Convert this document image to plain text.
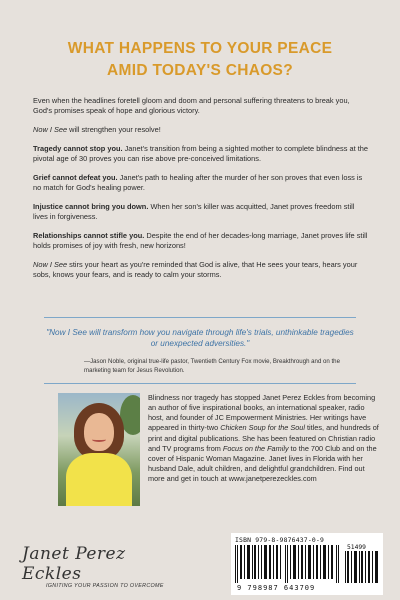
WHAT HAPPENS TO YOUR PEACE
AMID TODAY'S CHAOS?

Even when the headlines foretell gloom and doom and personal suffering threatens to break you, God's promises speak of hope and glorious victory.

Now I See will strengthen your resolve!

Tragedy cannot stop you. Janet's transition from being a sighted mother to complete blindness at the pivotal age of 30 proves you can rise above pre-conceived limitations.

Grief cannot defeat you. Janet's path to healing after the murder of her son proves that even loss is no match for God's healing power.

Injustice cannot bring you down. When her son's killer was acquitted, Janet proves freedom still lives in forgiveness.

Relationships cannot stifle you. Despite the end of her decades-long marriage, Janet proves life still holds promises of joy with fresh, new horizons!

Now I See stirs your heart as you're reminded that God is alive, that He sees your tears, hears your sobs, knows your fears, and is ready to calm your storms.

"Now I See will transform how you navigate through life's trials, unthinkable tragedies or unexpected adversities."
—Jason Noble, original true-life pastor, Twentieth Century Fox movie, Breakthrough and on the marketing team for Jesus Revolution.
Blindness nor tragedy has stopped Janet Perez Eckles from becoming an author of five inspirational books, an international speaker, radio host, and founder of JC Empowerment Ministries. Her writings have appeared in thirty-two Chicken Soup for the Soul titles, and hundreds of print and digital publications. She has been featured on Christian radio and TV programs from Focus on the Family to the 700 Club and on the cover of Hispanic Woman Magazine. Janet lives in Florida with her husband Dale, adult children, and delightful grandchildren. Find out more and get in touch at www.janetperezeckles.com
Janet Perez Eckles
IGNITING YOUR PASSION TO OVERCOME
ISBN 979-8-9876437-0-9
51499
9 798987 643709
